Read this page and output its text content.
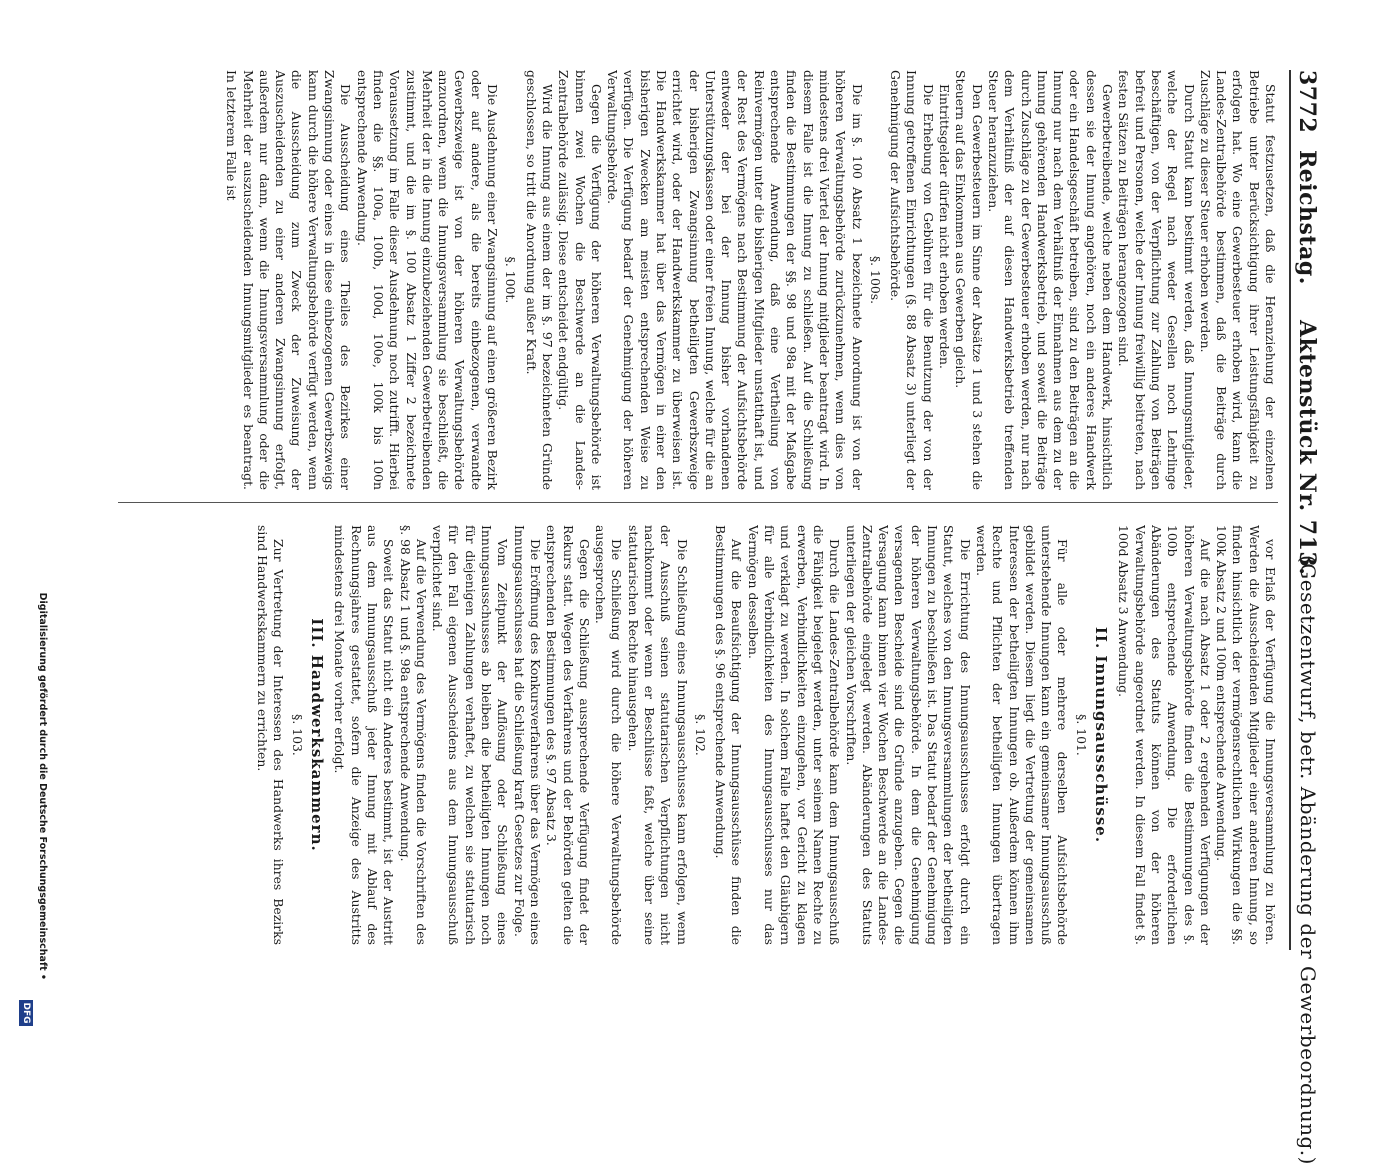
3772
Reichstag.
Aktenstück Nr. 713.
(Gesetzentwurf, betr. Abänderung der Gewerbeordnung.)

Statut festzusetzen, daß die Heranziehung der einzelnen Betriebe unter Berücksichtigung ihrer Leistungsfähigkeit zu erfolgen hat. Wo eine Gewerbesteuer erhoben wird, kann die Landes-Zentralbehörde bestimmen, daß die Beiträge durch Zuschläge zu dieser Steuer erhoben werden.

Durch Statut kann bestimmt werden, daß Innungsmitglieder, welche der Regel nach weder Gesellen noch Lehrlinge beschäftigen, von der Verpflichtung zur Zahlung von Beiträgen befreit und Personen, welche der Innung freiwillig beitreten, nach festen Sätzen zu Beiträgen herangezogen sind.

Gewerbetreibende, welche neben dem Handwerk, hinsichtlich dessen sie der Innung angehören, noch ein anderes Handwerk oder ein Handelsgeschäft betreiben, sind zu den Beiträgen an die Innung nur nach dem Verhältniß der Einnahmen aus dem zu der Innung gehörenden Handwerksbetrieb, und soweit die Beiträge durch Zuschläge zu der Gewerbesteuer erhoben werden, nur nach dem Verhältniß der auf diesen Handwerksbetrieb treffenden Steuer heranzuziehen.

Den Gewerbesteuern im Sinne der Absätze 1 und 3 stehen die Steuern auf das Einkommen aus Gewerben gleich.

Eintrittsgelder dürfen nicht erhoben werden.

Die Erhebung von Gebühren für die Benutzung der von der Innung getroffenen Einrichtungen (§. 88 Absatz 3) unterliegt der Genehmigung der Aufsichtsbehörde.

§. 100s.

Die im §. 100 Absatz 1 bezeichnete Anordnung ist von der höheren Verwaltungsbehörde zurückzunehmen, wenn dies von mindestens drei Viertel der Innung mitglieder beantragt wird. In diesem Falle ist die Innung zu schließen. Auf die Schließung finden die Bestimmungen der §§. 98 und 98a mit der Maßgabe entsprechende Anwendung, daß eine Vertheilung von Reinvermögen unter die bisherigen Mitglieder unstatthaft ist, und der Rest des Vermögens nach Bestimmung der Aufsichtsbehörde entweder der bei der Innung bisher vorhandenen Unterstützungskassen oder einer freien Innung, welche für die an der bisherigen Zwangsinnung betheiligten Gewerbszweige errichtet wird, oder der Handwerkskammer zu überweisen ist. Die Handwerkskammer hat über das Vermögen in einer den bisherigen Zwecken am meisten entsprechenden Weise zu verfügen. Die Verfügung bedarf der Genehmigung der höheren Verwaltungsbehörde.

Gegen die Verfügung der höheren Verwaltungsbehörde ist binnen zwei Wochen die Beschwerde an die Landes-Zentralbehörde zulässig. Diese entscheidet endgültig.

Wird die Innung aus einem der im §. 97 bezeichneten Gründe geschlossen, so tritt die Anordnung außer Kraft.

§. 100t.

Die Ausdehnung einer Zwangsinnung auf einen größeren Bezirk oder auf andere, als die bereits einbezogenen, verwandte Gewerbszweige ist von der höheren Verwaltungsbehörde anzuordnen, wenn die Innungsversammlung sie beschließt, die Mehrheit der in die Innung einzubeziehenden Gewerbetreibenden zustimmt, und die im §. 100 Absatz 1 Ziffer 2 bezeichnete Voraussetzung im Falle dieser Ausdehnung noch zutrifft. Hierbei finden die §§. 100a, 100b, 100d, 100e, 100k bis 100n entsprechende Anwendung.

Die Ausscheidung eines Theiles des Bezirkes einer Zwangsinnung oder eines in diese einbezogenen Gewerbszweigs kann durch die höhere Verwaltungsbehörde verfügt werden, wenn die Ausscheidung zum Zweck der Zuweisung der Auszuscheidenden zu einer anderen Zwangsinnung erfolgt, außerdem nur dann, wenn die Innungsversammlung oder die Mehrheit der auszuscheidenden Innungsmitglieder es beantragt. In letzterem Falle ist

vor Erlaß der Verfügung die Innungsversammlung zu hören. Werden die Ausscheidenden Mitglieder einer anderen Innung, so finden hinsichtlich der vermögensrechtlichen Wirkungen die §§. 100k Absatz 2 und 100m entsprechende Anwendung.

Auf die nach Absatz 1 oder 2 ergehenden Verfügungen der höheren Verwaltungsbehörde finden die Bestimmungen des §. 100b entsprechende Anwendung. Die erforderlichen Abänderungen des Statuts können von der höheren Verwaltungsbehörde angeordnet werden. In diesem Fall findet §. 100d Absatz 3 Anwendung.

II. Innungsausschüsse.

§. 101.

Für alle oder mehrere derselben Aufsichtsbehörde unterstehende Innungen kann ein gemeinsamer Innungsausschuß gebildet werden. Diesem liegt die Vertretung der gemeinsamen Interessen der betheiligten Innungen ob. Außerdem können ihm Rechte und Pflichten der betheiligten Innungen übertragen werden.

Die Errichtung des Innungsausschusses erfolgt durch ein Statut, welches von den Innungsversammlungen der betheiligten Innungen zu beschließen ist. Das Statut bedarf der Genehmigung der höheren Verwaltungsbehörde. In dem die Genehmigung versagenden Bescheide sind die Gründe anzugeben. Gegen die Versagung kann binnen vier Wochen Beschwerde an die Landes-Zentralbehörde eingelegt werden. Abänderungen des Statuts unterliegen der gleichen Vorschriften.

Durch die Landes-Zentralbehörde kann dem Innungsausschuß die Fähigkeit beigelegt werden, unter seinem Namen Rechte zu erwerben, Verbindlichkeiten einzugehen, vor Gericht zu klagen und verklagt zu werden. In solchem Falle haftet den Gläubigern für alle Verbindlichkeiten des Innungsausschusses nur das Vermögen desselben.

Auf die Beaufsichtigung der Innungsausschüsse finden die Bestimmungen des §. 96 entsprechende Anwendung.

§. 102.

Die Schließung eines Innungsausschusses kann erfolgen, wenn der Ausschuß seinen statutarischen Verpflichtungen nicht nachkommt oder wenn er Beschlüsse faßt, welche über seine statutarischen Rechte hinausgehen.

Die Schließung wird durch die höhere Verwaltungsbehörde ausgesprochen.

Gegen die Schließung aussprechende Verfügung findet der Rekurs statt. Wegen des Verfahrens und der Behörden gelten die entsprechenden Bestimmungen des §. 97 Absatz 3.

Die Eröffnung des Konkursverfahrens über das Vermögen eines Innungsausschusses hat die Schließung kraft Gesetzes zur Folge.

Vom Zeitpunkt der Auflösung oder Schließung eines Innungsausschusses ab bleiben die betheiligten Innungen noch für diejenigen Zahlungen verhaftet, zu welchen sie statutarisch für den Fall eigenen Ausscheidens aus dem Innungsausschuß verpflichtet sind.

Auf die Verwendung des Vermögens finden die Vorschriften des §. 98 Absatz 1 und §. 98a entsprechende Anwendung.

Soweit das Statut nicht ein Anderes bestimmt, ist der Austritt aus dem Innungsausschuß jeder Innung mit Ablauf des Rechnungsjahres gestattet, sofern die Anzeige des Austritts mindestens drei Monate vorher erfolgt.

III. Handwerkskammern.

§. 103.

Zur Vertretung der Interessen des Handwerks ihres Bezirks sind Handwerkskammern zu errichten.

Digitalisierung gefördert durch die Deutsche Forschungsgemeinschaft •
DFG
